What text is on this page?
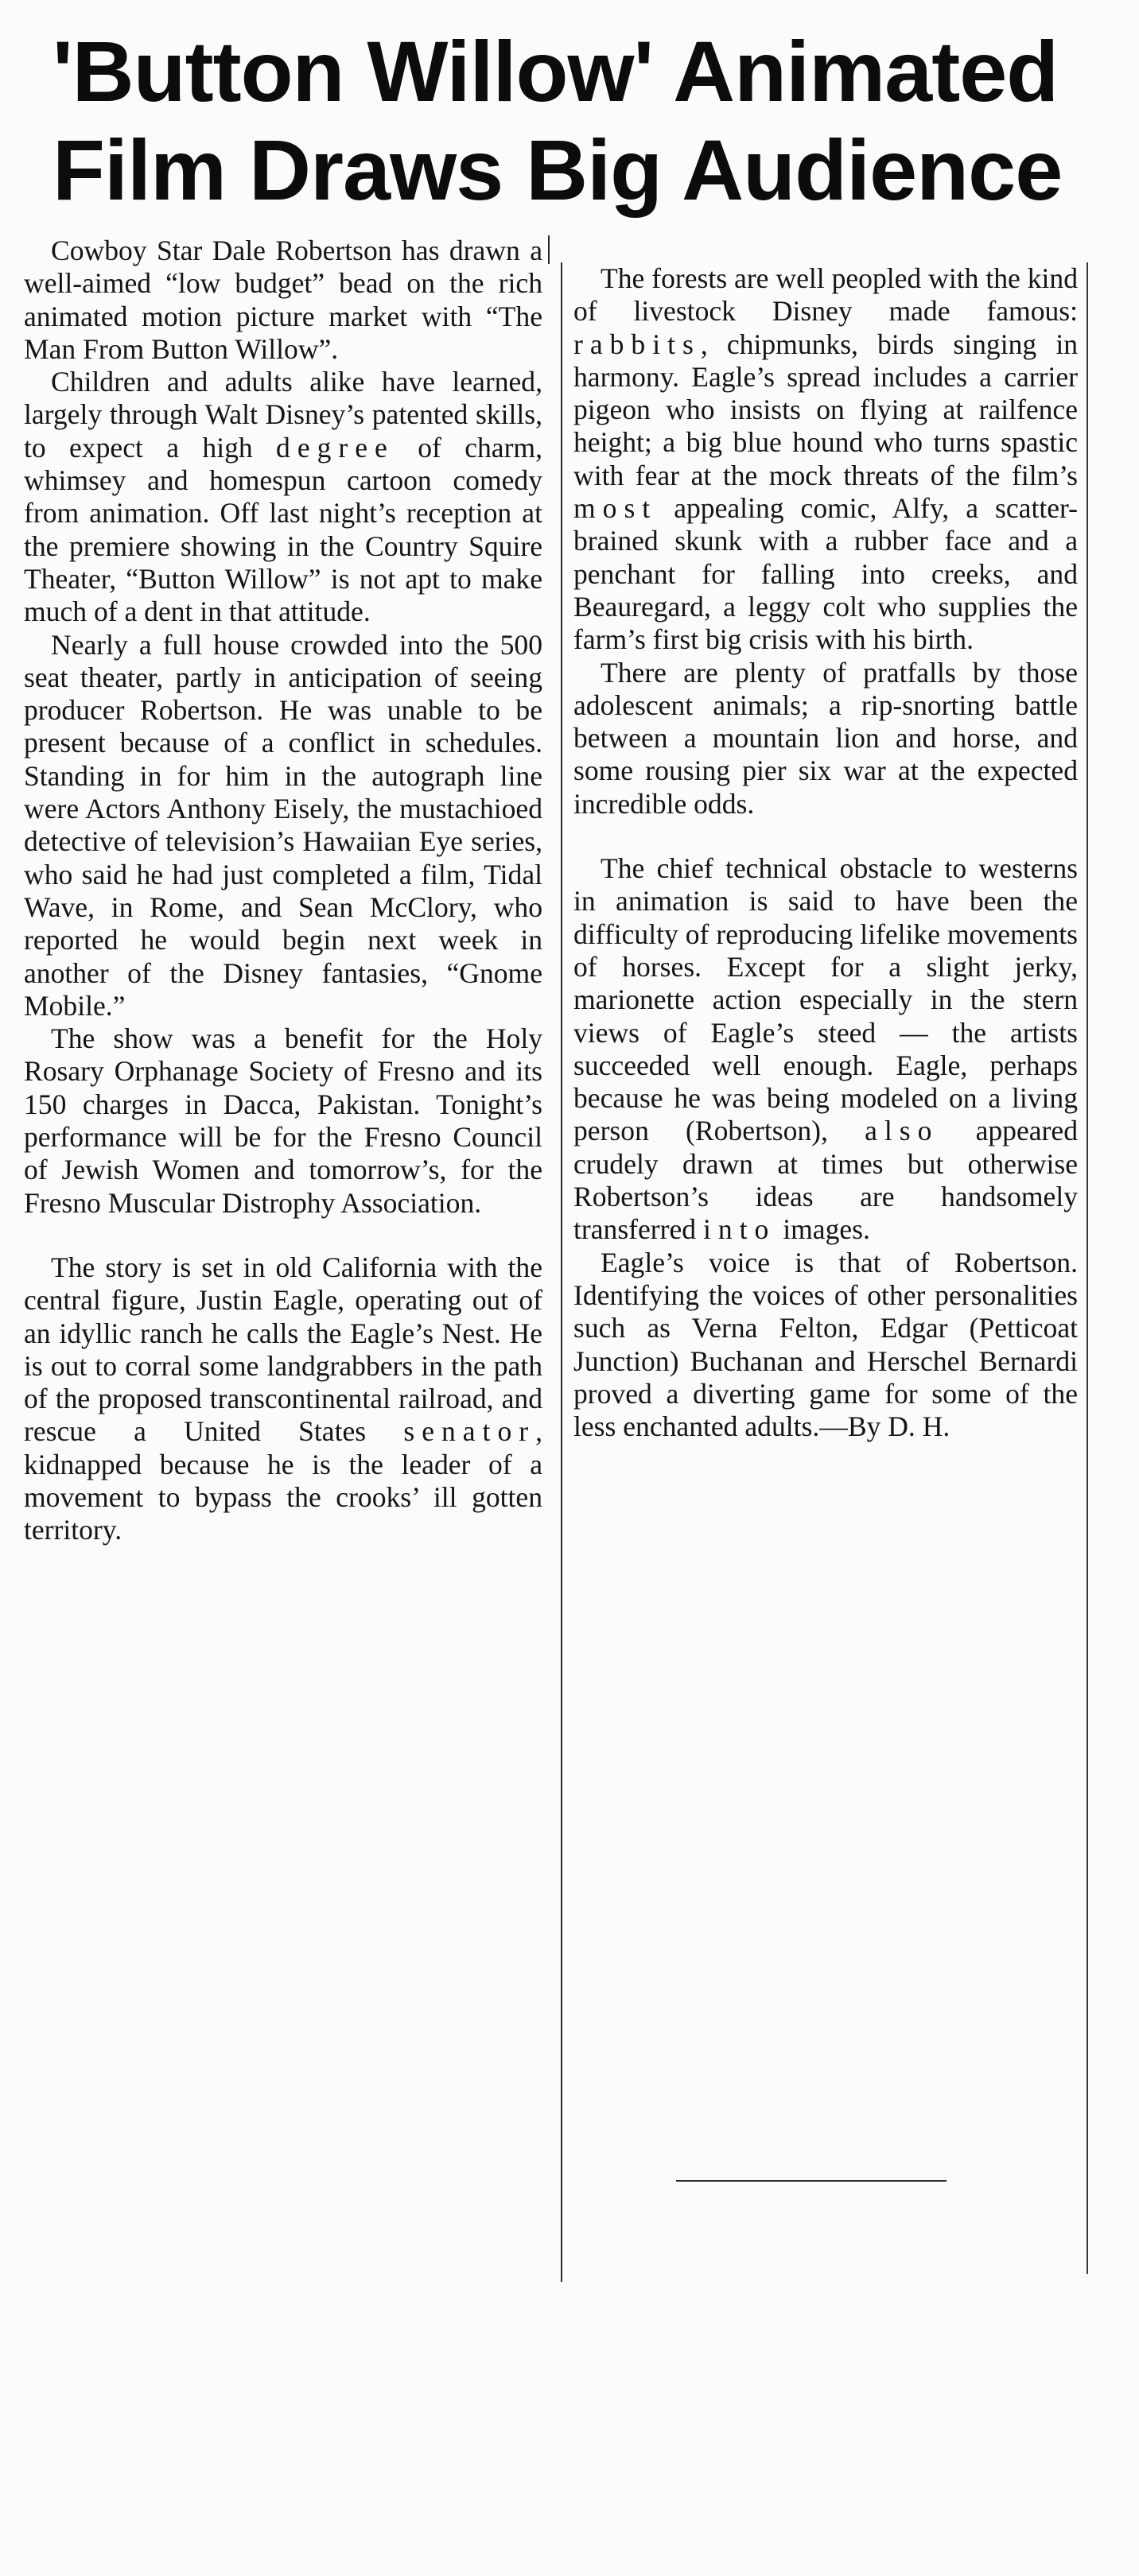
'Button Willow' Animated
Film Draws Big Audience

Cowboy Star Dale Robertson has drawn a well-aimed “low budget” bead on the rich animated motion picture market with “The Man From Button Willow”.

Children and adults alike have learned, largely through Walt Disney’s patented skills, to expect a high degree of charm, whimsey and homespun cartoon comedy from animation. Off last night’s reception at the premiere showing in the Country Squire Theater, “Button Willow” is not apt to make much of a dent in that attitude.

Nearly a full house crowded into the 500 seat theater, partly in anticipation of seeing producer Robertson. He was unable to be present because of a conflict in schedules. Standing in for him in the autograph line were Actors Anthony Eisely, the mustachioed detective of television’s Hawaiian Eye series, who said he had just completed a film, Tidal Wave, in Rome, and Sean McClory, who reported he would begin next week in another of the Disney fantasies, “Gnome Mobile.”

The show was a benefit for the Holy Rosary Orphanage Society of Fresno and its 150 charges in Dacca, Pakistan. Tonight’s performance will be for the Fresno Council of Jewish Women and tomorrow’s, for the Fresno Muscular Distrophy Association.

The story is set in old California with the central figure, Justin Eagle, operating out of an idyllic ranch he calls the Eagle’s Nest. He is out to corral some landgrabbers in the path of the proposed transcontinental railroad, and rescue a United States senator, kidnapped because he is the leader of a movement to bypass the crooks’ ill gotten territory.

The forests are well peopled with the kind of livestock Disney made famous: rabbits, chipmunks, birds singing in harmony. Eagle’s spread includes a carrier pigeon who insists on flying at railfence height; a big blue hound who turns spastic with fear at the mock threats of the film’s most appealing comic, Alfy, a scatter-brained skunk with a rubber face and a penchant for falling into creeks, and Beauregard, a leggy colt who supplies the farm’s first big crisis with his birth.

There are plenty of pratfalls by those adolescent animals; a rip-snorting battle between a mountain lion and horse, and some rousing pier six war at the expected incredible odds.

The chief technical obstacle to westerns in animation is said to have been the difficulty of reproducing lifelike movements of horses. Except for a slight jerky, marionette action especially in the stern views of Eagle’s steed — the artists succeeded well enough. Eagle, perhaps because he was being modeled on a living person (Robertson), also appeared crudely drawn at times but otherwise Robertson’s ideas are handsomely transferred into images.

Eagle’s voice is that of Robertson. Identifying the voices of other personalities such as Verna Felton, Edgar (Petticoat Junction) Buchanan and Herschel Bernardi proved a diverting game for some of the less enchanted adults.—By D. H.
